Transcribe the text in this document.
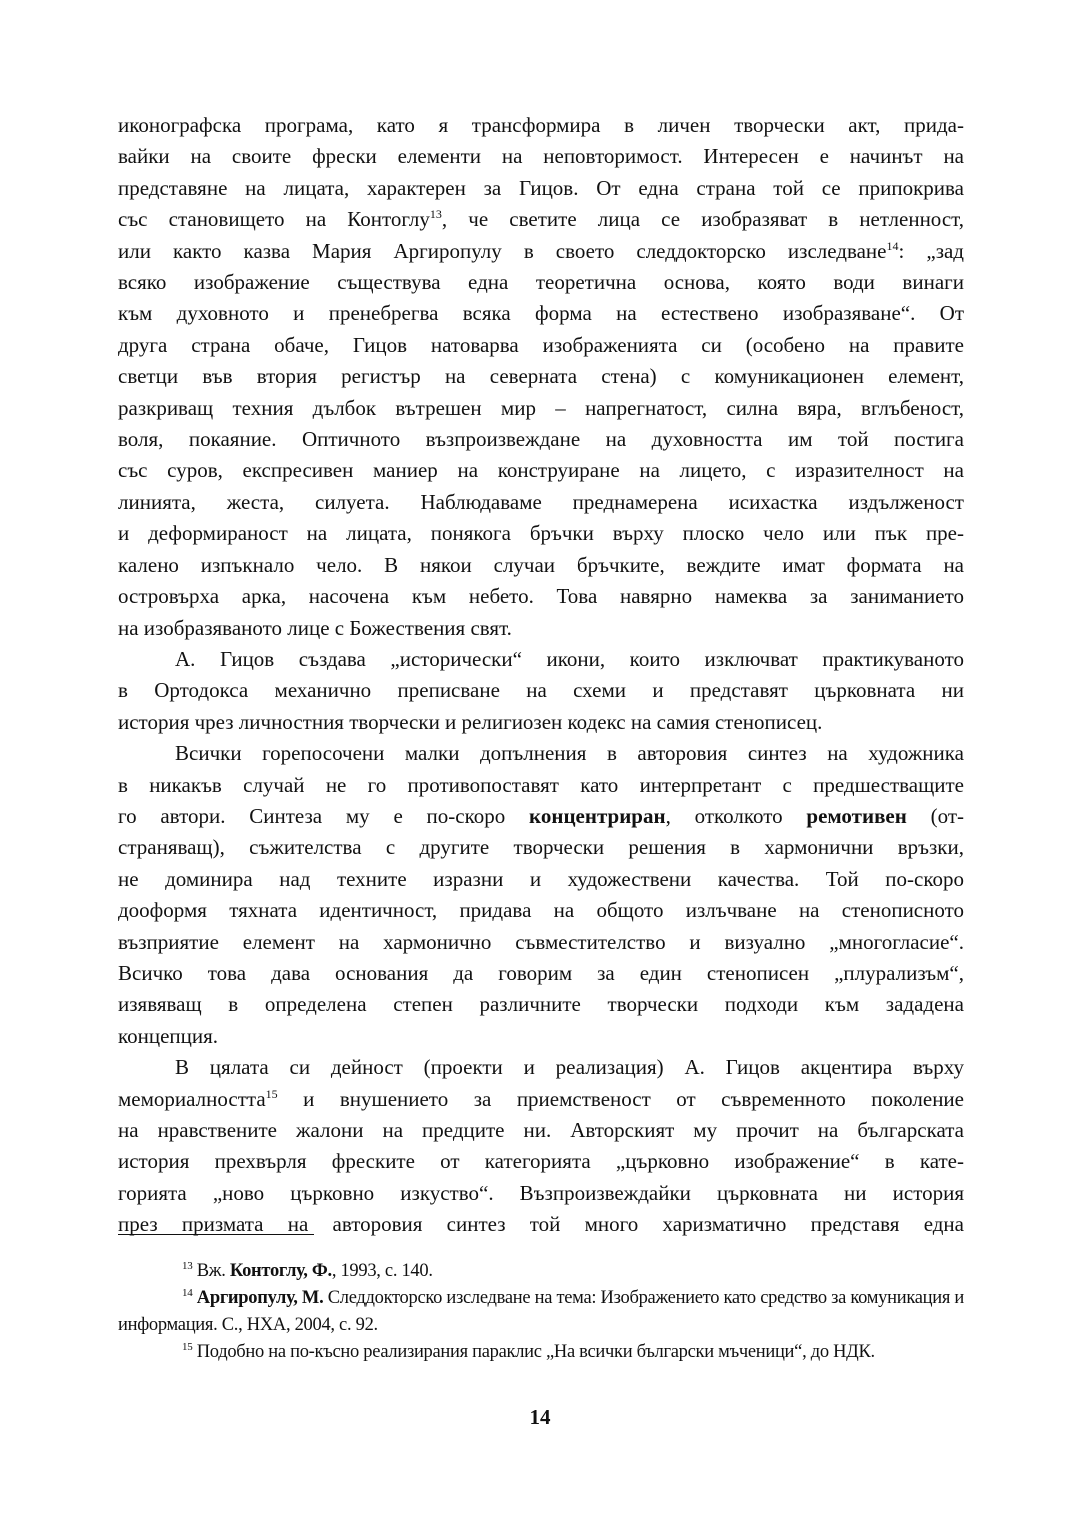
иконографска програма, като я трансформира в личен творчески акт, прида-
вайки на своите фрески елементи на неповторимост. Интересен е начинът на
представяне на лицата, характерен за Гицов. От една страна той се припокрива
със становището на Контоглу$^{13}$, че светите лица се изобразяват в нетленност,
или както казва Мария Аргиропулу в своето следдокторско изследване$^{14}$: „зад
всяко изображение съществува една теоретична основа, която води винаги
към духовното и пренебрегва всяка форма на естествено изобразяване“. От
друга страна обаче, Гицов натоварва изображенията си (особено на правите
светци във втория регистър на северната стена) с комуникационен елемент,
разкриващ техния дълбок вътрешен мир – напрегнатост, силна вяра, вглъбеност,
воля, покаяние. Оптичното възпроизвеждане на духовността им той постига
със суров, експресивен маниер на конструиране на лицето, с изразителност на
линията, жеста, силуета. Наблюдаваме преднамерена исихастка издълженост
и деформираност на лицата, понякога бръчки върху плоско чело или пък пре-
калено изпъкнало чело. В някои случаи бръчките, веждите имат формата на
островърха арка, насочена към небето. Това навярно намеква за заниманието
на изобразяваното лице с Божествения свят.

А. Гицов създава „исторически“ икони, които изключват практикуваното
в Ортодокса механично преписване на схеми и представят църковната ни
история чрез личностния творчески и религиозен кодекс на самия стенописец.

Всички горепосочени малки допълнения в авторовия синтез на художника
в никакъв случай не го противопоставят като интерпретант с предшестващите
го автори. Синтеза му е по-скоро концентриран, отколкото ремотивен (от-
страняващ), съжителства с другите творчески решения в хармонични връзки,
не доминира над техните изразни и художествени качества. Той по-скоро
дооформя тяхната идентичност, придава на общото излъчване на стенописното
възприятие елемент на хармонично съвместителство и визуално „многогласие“.
Всичко това дава основания да говорим за един стенописен „плурализъм“,
изявяващ в определена степен различните творчески подходи към зададена
концепция.

В цялата си дейност (проекти и реализация) А. Гицов акцентира върху
мемориалността$^{15}$ и внушението за приемственост от съвременното поколение
на нравствените жалони на предците ни. Авторският му прочит на българската
история прехвърля фреските от категорията „църковно изображение“ в кате-
горията „ново църковно изкуство“. Възпроизвеждайки църковната ни история
през призмата на авторовия синтез той много харизматично представя една

$^{13}$ Вж. Контоглу, Ф., 1993, с. 140.

$^{14}$ Аргиропулу, М. Следдокторско изследване на тема: Изображението като средство за комуникация и информация. С., НХА, 2004, с. 92.

$^{15}$ Подобно на по-късно реализирания параклис „На всички български мъченици“, до НДК.

14
